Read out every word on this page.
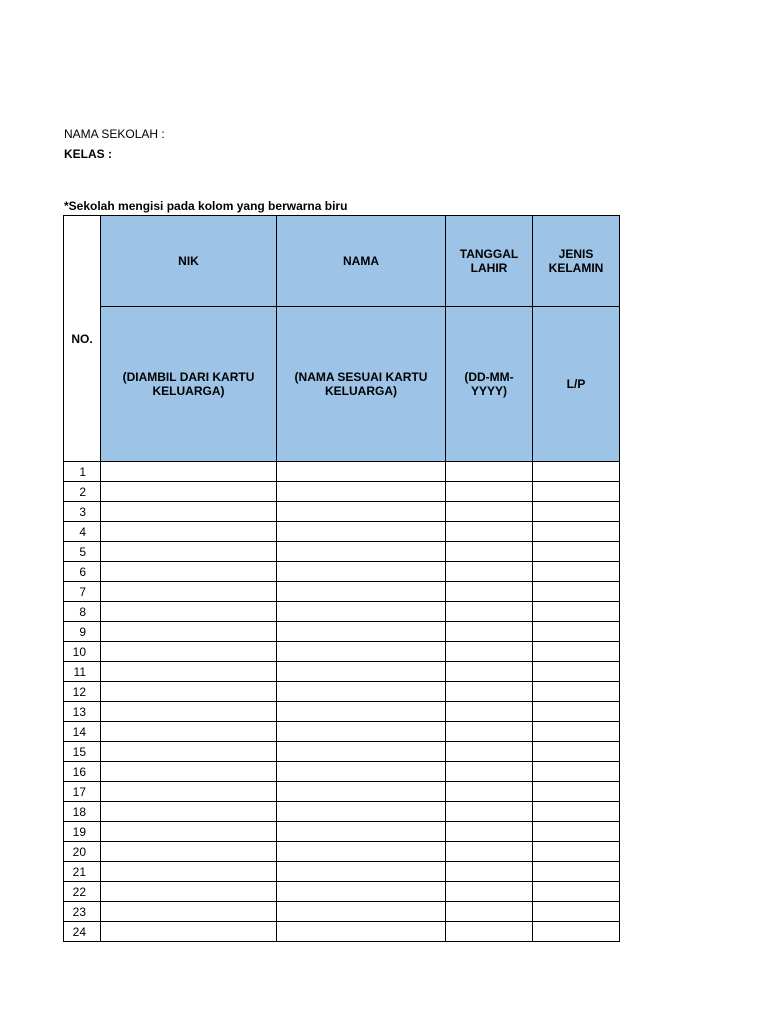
NAMA SEKOLAH :
KELAS :
*Sekolah mengisi pada kolom yang berwarna biru
NO.	NIK	NAMA	TANGGAL LAHIR	JENIS KELAMIN

	(DIAMBIL DARI KARTU KELUARGA)	(NAMA SESUAI KARTU KELUARGA)	(DD-MM-YYYY)	L/P
1				
2				
3				
4				
5				
6				
7				
8				
9				
10				
11				
12				
13				
14				
15				
16				
17				
18				
19				
20				
21				
22				
23				
24				
